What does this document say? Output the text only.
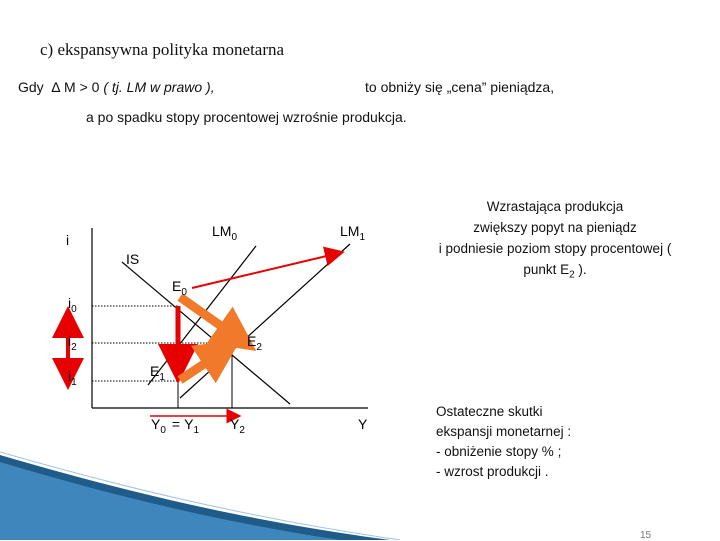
c) ekspansywna polityka monetarna
Gdy ∆ M > 0 ( tj. LM w prawo ),	to obniży się „cena” pieniądza,
a po spadku stopy procentowej wzrośnie produkcja.
Wzrastająca produkcja
zwiększy popyt na pieniądz
i podniesie poziom stopy procentowej (
punkt $E_2$ ).
Ostateczne skutki
ekspansji monetarnej :
- obniżenie stopy % ;
- wzrost produkcji .
i
IS
$LM_0$	$LM_1$
$E_0$
$E_2$
$E_1$
$i_0$
$i_2$
$i_1$
$Y_0 = Y_1$ $Y_2$	Y
15
